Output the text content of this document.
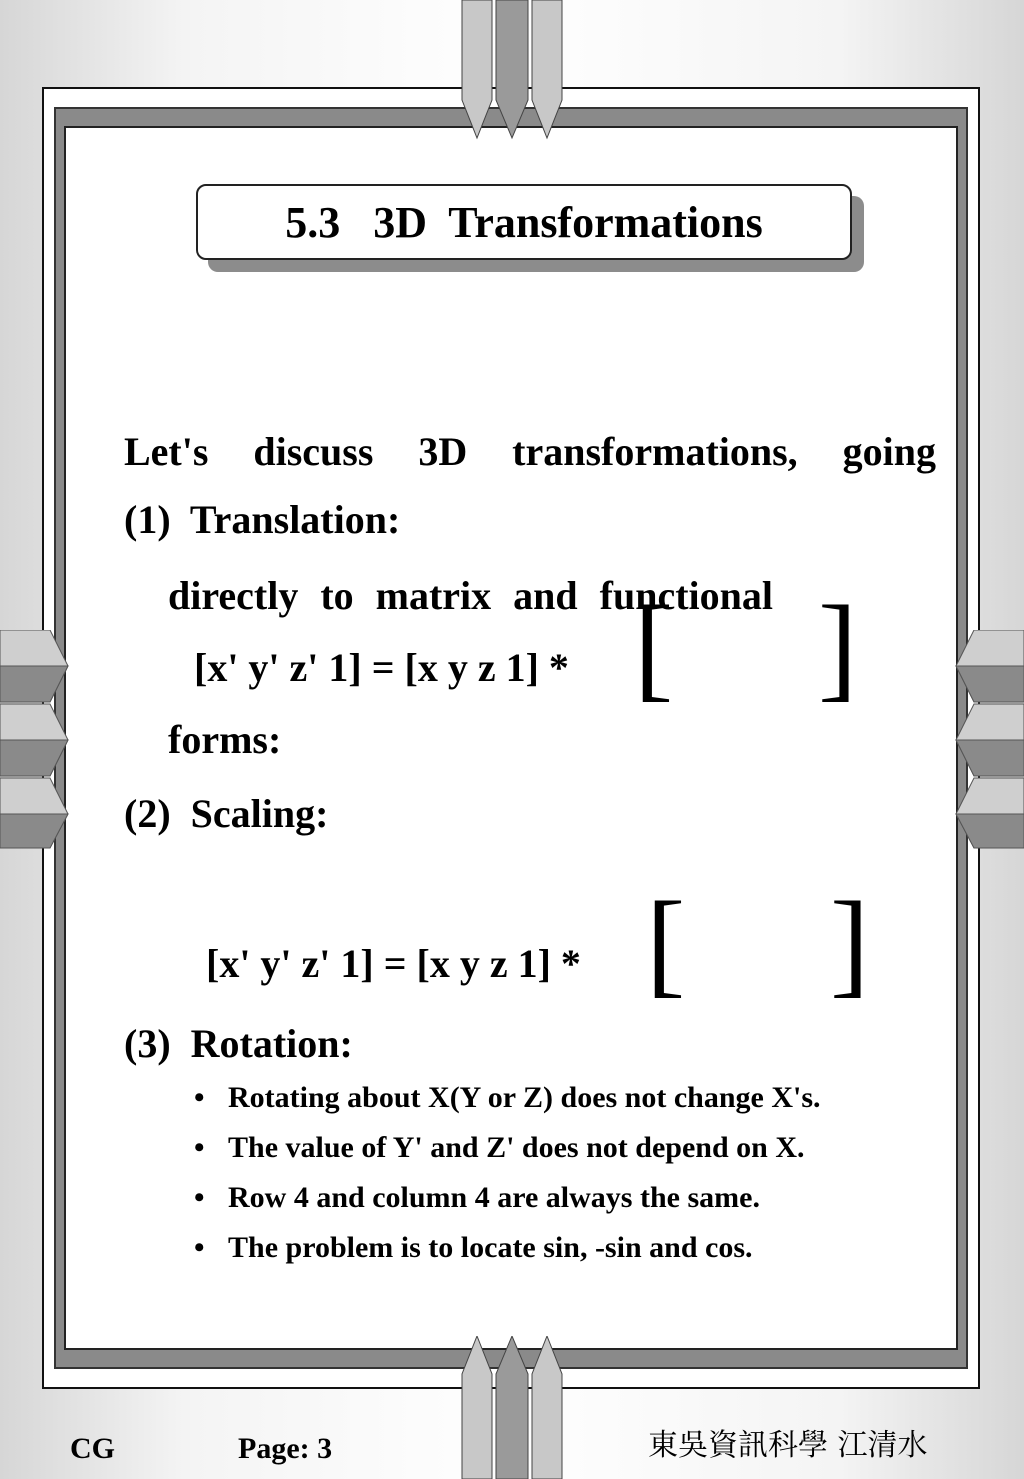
5.3   3D  Transformations

Let's discuss 3D transformations, going

directly to matrix and functional

forms:

(1)  Translation:
[x' y' z' 1] = [x y z 1] * [ ]
(2)  Scaling:
[x' y' z' 1] = [x y z 1] * [ ]
(3)  Rotation:
• Rotating about X(Y or Z) does not change X's.
• The value of Y' and Z' does not depend on X.
• Row 4 and column 4 are always the same.
• The problem is to locate sin, -sin and cos.
CG	Page: 3	東吳資訊科學 江清水
